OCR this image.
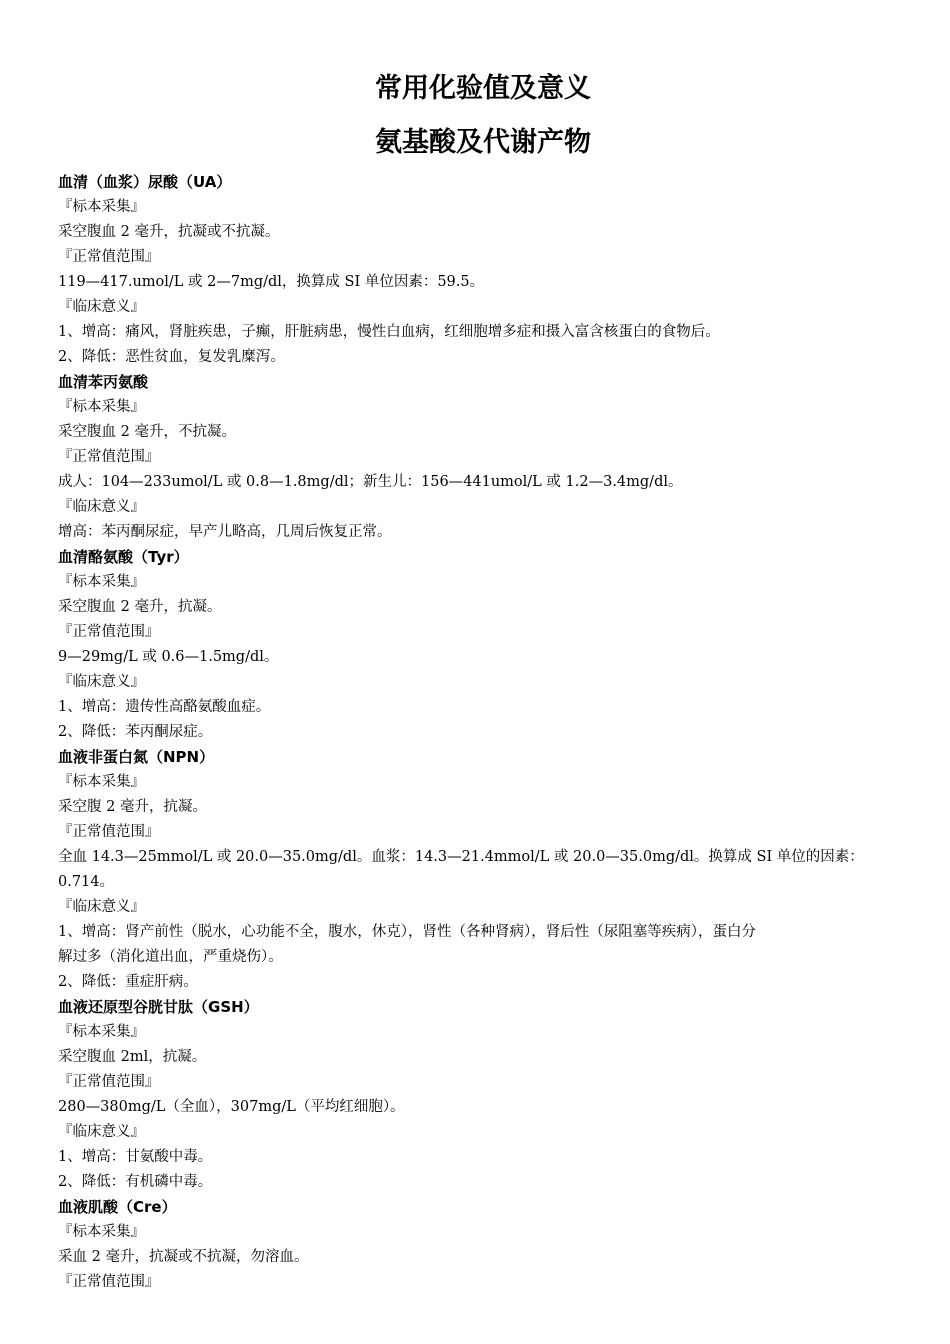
常用化验值及意义
氨基酸及代谢产物
血清（血浆）尿酸（UA）
『标本采集』
采空腹血 2 毫升，抗凝或不抗凝。
『正常值范围』
119—417.umol/L 或 2—7mg/dl，换算成 SI 单位因素：59.5。
『临床意义』
1、增高：痛风，肾脏疾患，子癫，肝脏病患，慢性白血病，红细胞增多症和摄入富含核蛋白的食物后。
2、降低：恶性贫血，复发乳糜泻。
血清苯丙氨酸
『标本采集』
采空腹血 2 毫升，不抗凝。
『正常值范围』
成人：104—233umol/L 或 0.8—1.8mg/dl；新生儿：156—441umol/L 或 1.2—3.4mg/dl。
『临床意义』
增高：苯丙酮尿症，早产儿略高，几周后恢复正常。
血清酪氨酸（Tyr）
『标本采集』
采空腹血 2 毫升，抗凝。
『正常值范围』
9—29mg/L 或 0.6—1.5mg/dl。
『临床意义』
1、增高：遗传性高酪氨酸血症。
2、降低：苯丙酮尿症。
血液非蛋白氮（NPN）
『标本采集』
采空腹 2 毫升，抗凝。
『正常值范围』
全血 14.3—25mmol/L 或 20.0—35.0mg/dl。血浆：14.3—21.4mmol/L 或 20.0—35.0mg/dl。换算成 SI 单位的因素：
0.714。
『临床意义』
1、增高：肾产前性（脱水，心功能不全，腹水，休克），肾性（各种肾病），肾后性（尿阻塞等疾病），蛋白分
解过多（消化道出血，严重烧伤）。
2、降低：重症肝病。
血液还原型谷胱甘肽（GSH）
『标本采集』
采空腹血 2ml，抗凝。
『正常值范围』
280—380mg/L（全血），307mg/L（平均红细胞）。
『临床意义』
1、增高：甘氨酸中毒。
2、降低：有机磷中毒。
血液肌酸（Cre）
『标本采集』
采血 2 毫升，抗凝或不抗凝，勿溶血。
『正常值范围』
